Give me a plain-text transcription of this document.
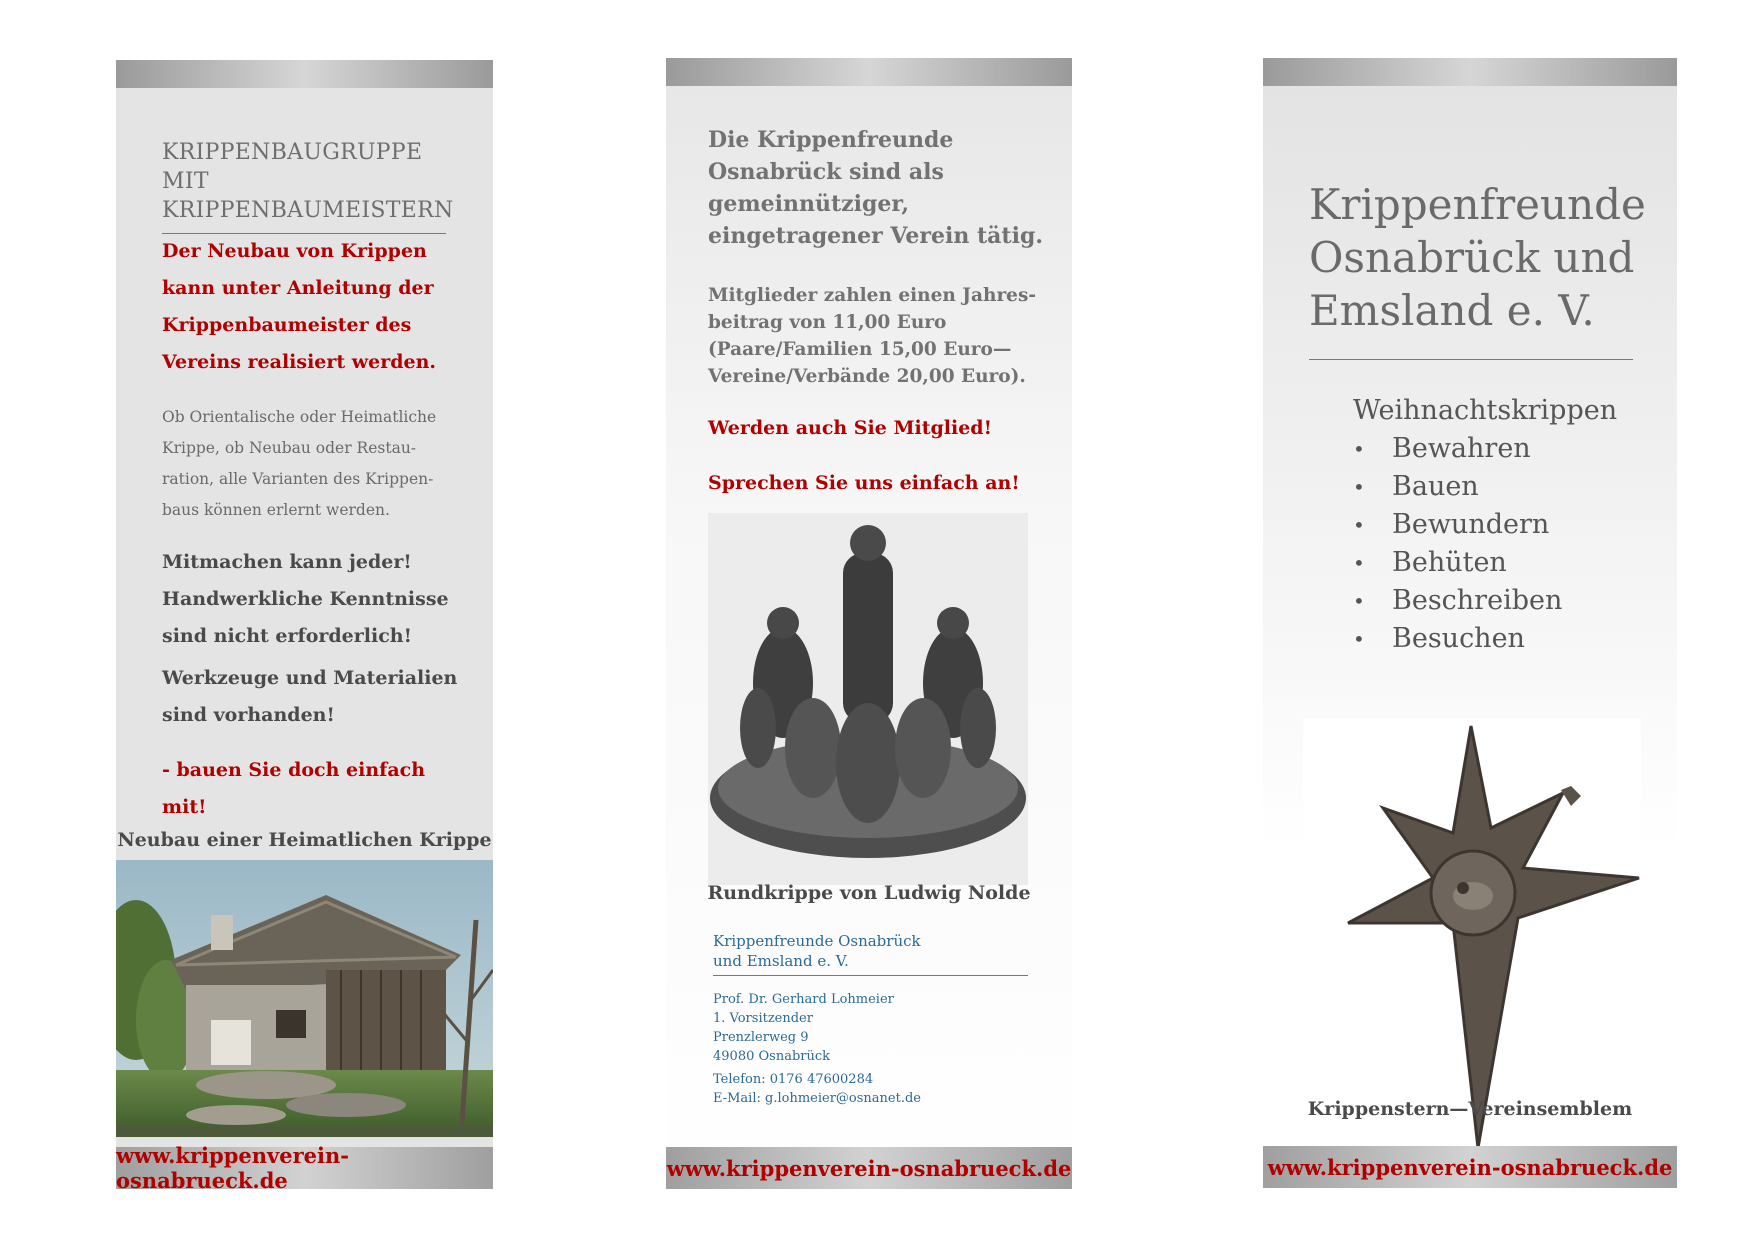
KRIPPENBAUGRUPPE MIT
KRIPPENBAUMEISTERN
Der Neubau von Krippen
kann unter Anleitung der
Krippenbaumeister des
Vereins realisiert werden.
Ob Orientalische oder Heimatliche
Krippe, ob Neubau oder Restau-
ration, alle Varianten des Krippen-
baus können erlernt werden.
Mitmachen kann jeder!
Handwerkliche Kenntnisse
sind nicht erforderlich!
Werkzeuge und Materialien
sind vorhanden!
- bauen Sie doch einfach mit!
Neubau einer Heimatlichen Krippe
www.krippenverein-osnabrueck.de
Die Krippenfreunde
Osnabrück sind als
gemeinnütziger,
eingetragener Verein tätig.
Mitglieder zahlen einen Jahres-
beitrag von 11,00 Euro
(Paare/Familien 15,00 Euro—
Vereine/Verbände 20,00 Euro).
Werden auch Sie Mitglied!
Sprechen Sie uns einfach an!
Rundkrippe von Ludwig Nolde
Krippenfreunde Osnabrück
und Emsland e. V.
Prof. Dr. Gerhard Lohmeier
1. Vorsitzender
Prenzlerweg 9
49080 Osnabrück
Telefon: 0176 47600284
E-Mail: g.lohmeier@osnanet.de
www.krippenverein-osnabrueck.de
Krippenfreunde
Osnabrück und
Emsland e. V.
Weihnachtskrippen
•	Bewahren
•	Bauen
•	Bewundern
•	Behüten
•	Beschreiben
•	Besuchen
Krippenstern—Vereinsemblem
www.krippenverein-osnabrueck.de
